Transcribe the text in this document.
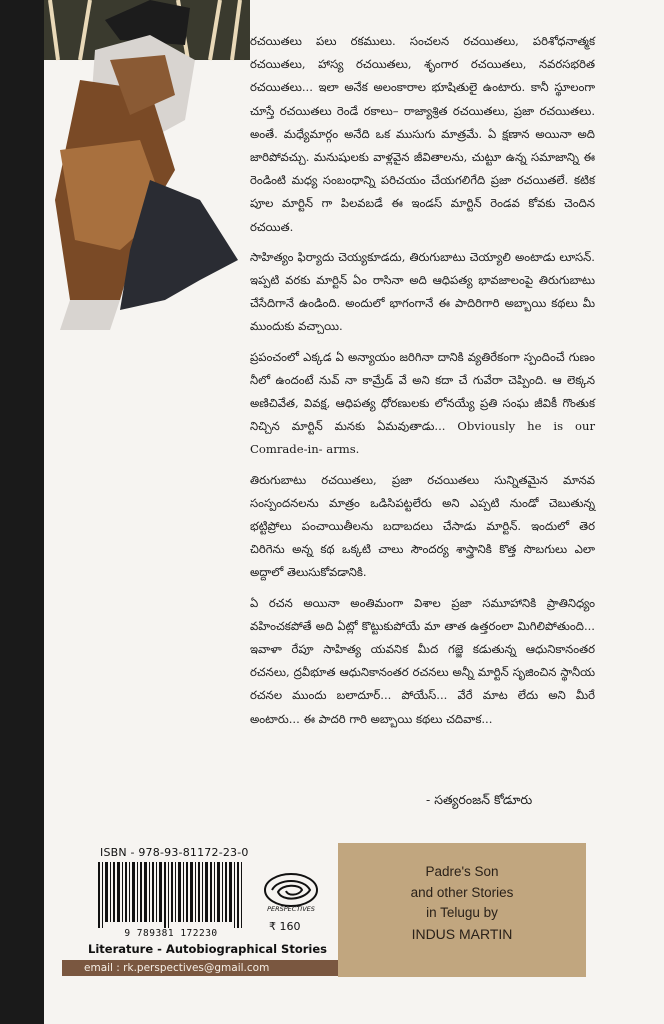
రచయితలు పలు రకములు. సంచలన రచయితలు, పరిశోధనాత్మక రచయితలు, హాస్య రచయితలు, శృంగార రచయితలు, నవరసభరిత రచయితలు... ఇలా అనేక అలంకారాల భూషితులై ఉంటారు. కానీ స్థూలంగా చూస్తే రచయితలు రెండే రకాలు– రాజ్యాశ్రిత రచయితలు, ప్రజా రచయితలు. అంతే. మధ్యేమార్గం అనేది ఒక ముసుగు మాత్రమే. ఏ క్షణాన అయినా అది జారిపోవచ్చు. మనుషులకు వాళ్లవైన జీవితాలను, చుట్టూ ఉన్న సమాజాన్ని ఈ రెండింటి మధ్య సంబంధాన్ని పరిచయం చేయగలిగేది ప్రజా రచయితలే. కటిక పూల మార్టిన్ గా పిలవబడే ఈ ఇండస్ మార్టిన్ రెండవ కోవకు చెందిన రచయిత.

సాహిత్యం ఫిర్యాదు చెయ్యకూడదు, తిరుగుబాటు చెయ్యాలి అంటాడు లూసన్. ఇప్పటి వరకు మార్టిన్ ఏం రాసినా అది ఆధిపత్య భావజాలంపై తిరుగుబాటు చేసేదిగానే ఉండింది. అందులో భాగంగానే ఈ పాదిరిగారి అబ్బాయి కథలు మీ ముందుకు వచ్చాయి.

ప్రపంచంలో ఎక్కడ ఏ అన్యాయం జరిగినా దానికి వ్యతిరేకంగా స్పందించే గుణం నీలో ఉందంటే నువ్ నా కామ్రేడ్ వే అని కదా చే గువేరా చెప్పింది. ఆ లెక్కన అణిచివేత, వివక్ష, ఆధిపత్య ధోరణులకు లోనయ్యే ప్రతి సంఘ జీవికీ గొంతుక నిచ్చిన మార్టిన్ మనకు ఏమవుతాడు... Obviously he is our Comrade-in- arms.

తిరుగుబాటు రచయితలు, ప్రజా రచయితలు సున్నితమైన మానవ సంస్పందనలను మాత్రం ఒడిసిపట్టలేరు అని ఎప్పటి నుండో చెబుతున్న భట్టిప్రోలు పంచాయితీలను బదాబదలు చేసాడు మార్టిన్. ఇందులో తెర చిరిగెను అన్న కథ ఒక్కటి చాలు సౌందర్య శాస్త్రానికి కొత్త సొబగులు ఎలా అద్దాలో తెలుసుకోవడానికి.

ఏ రచన అయినా అంతిమంగా విశాల ప్రజా సమూహానికి ప్రాతినిధ్యం వహించకపోతే అది ఏట్లో కొట్టుకుపోయే మా తాత ఉత్తరంలా మిగిలిపోతుంది... ఇవాళా రేపూ సాహిత్య యవనిక మీద గజ్జె కడుతున్న ఆధునికానంతర రచనలు, ద్రవీభూత ఆధునికానంతర రచనలు అన్నీ మార్టిన్ సృజించిన స్థానీయ రచనల ముందు బలాదూర్... పోయేస్... వేరే మాట లేదు అని మీరే అంటారు... ఈ పాదరి గారి అబ్బాయి కథలు చదివాక...

- సత్యరంజన్ కోడూరు
ISBN - 978-93-81172-23-0
9 789381 172230
PERSPECTIVES
₹ 160
Literature - Autobiographical Stories
email : rk.perspectives@gmail.com
Padre's Son
and other Stories
in Telugu by
INDUS MARTIN
